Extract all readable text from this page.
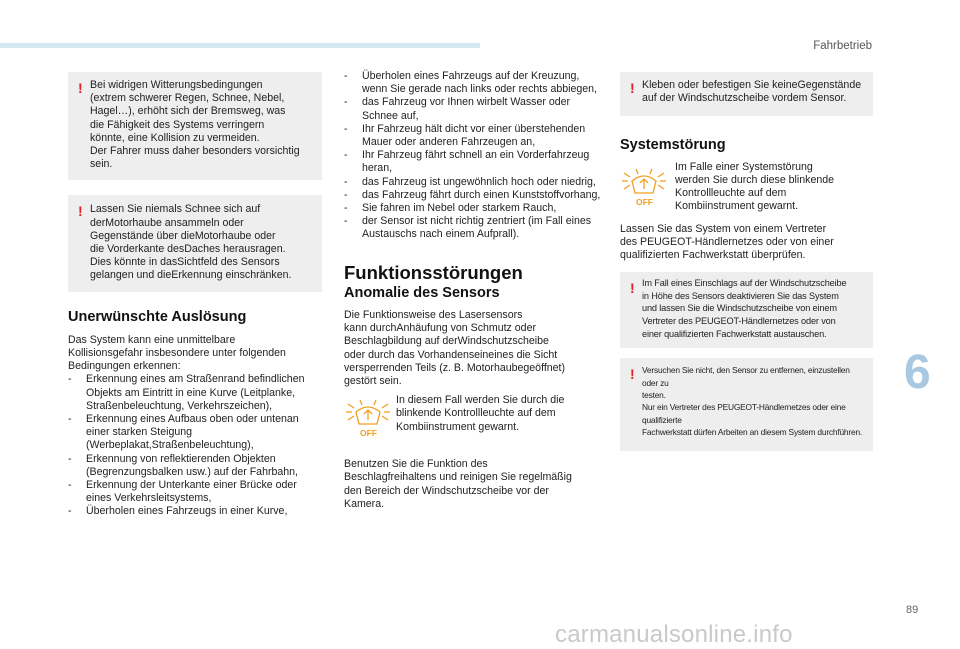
Fahrbetrieb
! Bei widrigen Witterungsbedingungen
(extrem schwerer Regen, Schnee, Nebel,
Hagel…), erhöht sich der Bremsweg, was
die Fähigkeit des Systems verringern
könnte, eine Kollision zu vermeiden.
Der Fahrer muss daher besonders vorsichtig
sein.

! Lassen Sie niemals Schnee sich auf
derMotorhaube ansammeln oder
Gegenstände über dieMotorhaube oder
die Vorderkante desDaches herausragen.
Dies könnte in dasSichtfeld des Sensors
gelangen und dieErkennung einschränken.

Unerwünschte Auslösung

Das System kann eine unmittelbare
Kollisionsgefahr insbesondere unter folgenden
Bedingungen erkennen:

- Erkennung eines am Straßenrand befindlichen Objekts am Eintritt in eine Kurve (Leitplanke, Straßenbeleuchtung, Verkehrszeichen),
- Erkennung eines Aufbaus oben oder untenan einer starken Steigung (Werbeplakat,Straßenbeleuchtung),
- Erkennung von reflektierenden Objekten (Begrenzungsbalken usw.) auf der Fahrbahn,
- Erkennung der Unterkante einer Brücke oder eines Verkehrsleitsystems,
- Überholen eines Fahrzeugs in einer Kurve,
- Überholen eines Fahrzeugs auf der Kreuzung, wenn Sie gerade nach links oder rechts abbiegen,
- das Fahrzeug vor Ihnen wirbelt Wasser oder Schnee auf,
- Ihr Fahrzeug hält dicht vor einer überstehenden Mauer oder anderen Fahrzeugen an,
- Ihr Fahrzeug fährt schnell an ein Vorderfahrzeug heran,
- das Fahrzeug ist ungewöhnlich hoch oder niedrig,
- das Fahrzeug fährt durch einen Kunststoffvorhang,
- Sie fahren im Nebel oder starkem Rauch,
- der Sensor ist nicht richtig zentriert (im Fall eines Austauschs nach einem Aufprall).
Funktionsstörungen
Anomalie des Sensors

Die Funktionsweise des Lasersensors
kann durchAnhäufung von Schmutz oder
Beschlagbildung auf derWindschutzscheibe
oder durch das Vorhandenseineines die Sicht
versperrenden Teils (z. B. Motorhaubegeöffnet)
gestört sein.

OFF

In diesem Fall werden Sie durch die
blinkende Kontrollleuchte auf dem
Kombiinstrument gewarnt.

Benutzen Sie die Funktion des
Beschlagfreihaltens und reinigen Sie regelmäßig
den Bereich der Windschutzscheibe vor der
Kamera.

! Kleben oder befestigen Sie keineGegenstände
auf der Windschutzscheibe vordem Sensor.

Systemstörung
OFF

Im Falle einer Systemstörung
werden Sie durch diese blinkende
Kontrollleuchte auf dem
Kombiinstrument gewarnt.

Lassen Sie das System von einem Vertreter
des PEUGEOT-Händlernetzes oder von einer
qualifizierten Fachwerkstatt überprüfen.

! Im Fall eines Einschlags auf der Windschutzscheibe
in Höhe des Sensors deaktivieren Sie das System
und lassen Sie die Windschutzscheibe von einem
Vertreter des PEUGEOT-Händlernetzes oder von
einer qualifizierten Fachwerkstatt austauschen.

! Versuchen Sie nicht, den Sensor zu entfernen, einzustellen oder zu
testen.
Nur ein Vertreter des PEUGEOT-Händlernetzes oder eine qualifizierte
Fachwerkstatt dürfen Arbeiten an diesem System durchführen.

6
89
carmanualsonline.info
